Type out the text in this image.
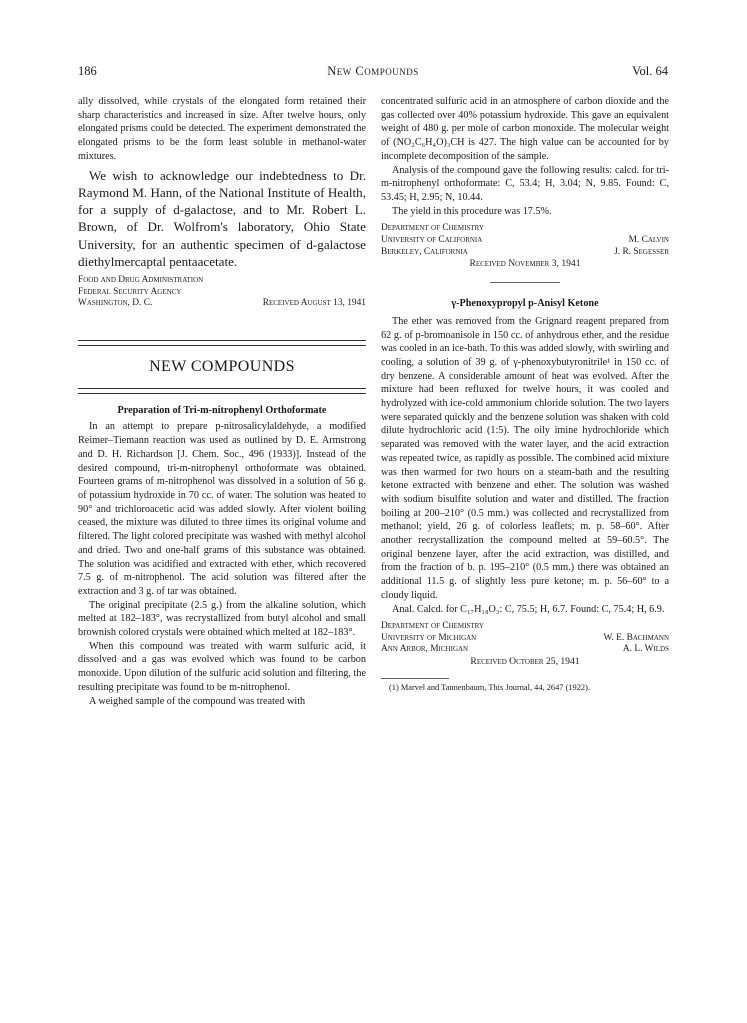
186	New Compounds	Vol. 64

ally dissolved, while crystals of the elongated form retained their sharp characteristics and increased in size. After twelve hours, only elongated prisms could be detected. The experiment demonstrated the elongated prisms to be the form least soluble in methanol-water mixtures.

We wish to acknowledge our indebtedness to Dr. Raymond M. Hann, of the National Institute of Health, for a supply of d-galactose, and to Mr. Robert L. Brown, of Dr. Wolfrom's laboratory, Ohio State University, for an authentic specimen of d-galactose diethylmercaptal pentaacetate.

Food and Drug Administration
Federal Security Agency
Washington, D. C.	Received August 13, 1941
NEW COMPOUNDS
Preparation of Tri-m-nitrophenyl Orthoformate

In an attempt to prepare p-nitrosalicylaldehyde, a modified Reimer–Tiemann reaction was used as outlined by D. E. Armstrong and D. H. Richardson [J. Chem. Soc., 496 (1933)]. Instead of the desired compound, tri-m-nitrophenyl orthoformate was obtained. Fourteen grams of m-nitrophenol was dissolved in a solution of 56 g. of potassium hydroxide in 70 cc. of water. The solution was heated to 90° and trichloroacetic acid was added slowly. After violent boiling ceased, the mixture was diluted to three times its original volume and filtered. The light colored precipitate was washed with methyl alcohol and dried. Two and one-half grams of this substance was obtained. The solution was acidified and extracted with ether, which recovered 7.5 g. of m-nitrophenol. The acid solution was filtered after the extraction and 3 g. of tar was obtained.

The original precipitate (2.5 g.) from the alkaline solution, which melted at 182–183°, was recrystallized from butyl alcohol and small brownish colored crystals were obtained which melted at 182–183°.

When this compound was treated with warm sulfuric acid, it dissolved and a gas was evolved which was found to be carbon monoxide. Upon dilution of the sulfuric acid solution and filtering, the resulting precipitate was found to be m-nitrophenol.

A weighed sample of the compound was treated with

concentrated sulfuric acid in an atmosphere of carbon dioxide and the gas collected over 40% potassium hydroxide. This gave an equivalent weight of 480 g. per mole of carbon monoxide. The molecular weight of (NO₂C₆H₄O)₃CH is 427. The high value can be accounted for by incomplete decomposition of the sample.

Analysis of the compound gave the following results: calcd. for tri-m-nitrophenyl orthoformate: C, 53.4; H, 3.04; N, 9.85. Found: C, 53.45; H, 2.95; N, 10.44.

The yield in this procedure was 17.5%.

Department of Chemistry
University of California	M. Calvin
Berkeley, California	J. R. Segesser
Received November 3, 1941
γ-Phenoxypropyl p-Anisyl Ketone

The ether was removed from the Grignard reagent prepared from 62 g. of p-bromoanisole in 150 cc. of anhydrous ether, and the residue was cooled in an ice-bath. To this was added slowly, with swirling and cooling, a solution of 39 g. of γ-phenoxybutyronitrile¹ in 150 cc. of dry benzene. A considerable amount of heat was evolved. After the mixture had been refluxed for twelve hours, it was cooled and hydrolyzed with ice-cold ammonium chloride solution. The two layers were separated quickly and the benzene solution was shaken with cold dilute hydrochloric acid (1:5). The oily imine hydrochloride which separated was removed with the water layer, and the acid extraction was repeated twice, as rapidly as possible. The combined acid mixture was then warmed for two hours on a steam-bath and the resulting ketone extracted with benzene and ether. The solution was washed with sodium bisulfite solution and water and distilled. The fraction boiling at 200–210° (0.5 mm.) was collected and recrystallized from methanol; yield, 26 g. of colorless leaflets; m. p. 58–60°. After another recrystallization the compound melted at 59–60.5°. The original benzene layer, after the acid extraction, was distilled, and from the fraction of b. p. 195–210° (0.5 mm.) there was obtained an additional 11.5 g. of slightly less pure ketone; m. p. 56–60° to a cloudy liquid.

Anal. Calcd. for C₁₇H₁₈O₃: C, 75.5; H, 6.7. Found: C, 75.4; H, 6.9.

Department of Chemistry
University of Michigan	W. E. Bachmann
Ann Arbor, Michigan	A. L. Wilds
Received October 25, 1941

(1) Marvel and Tannenbaum, This Journal, 44, 2647 (1922).
